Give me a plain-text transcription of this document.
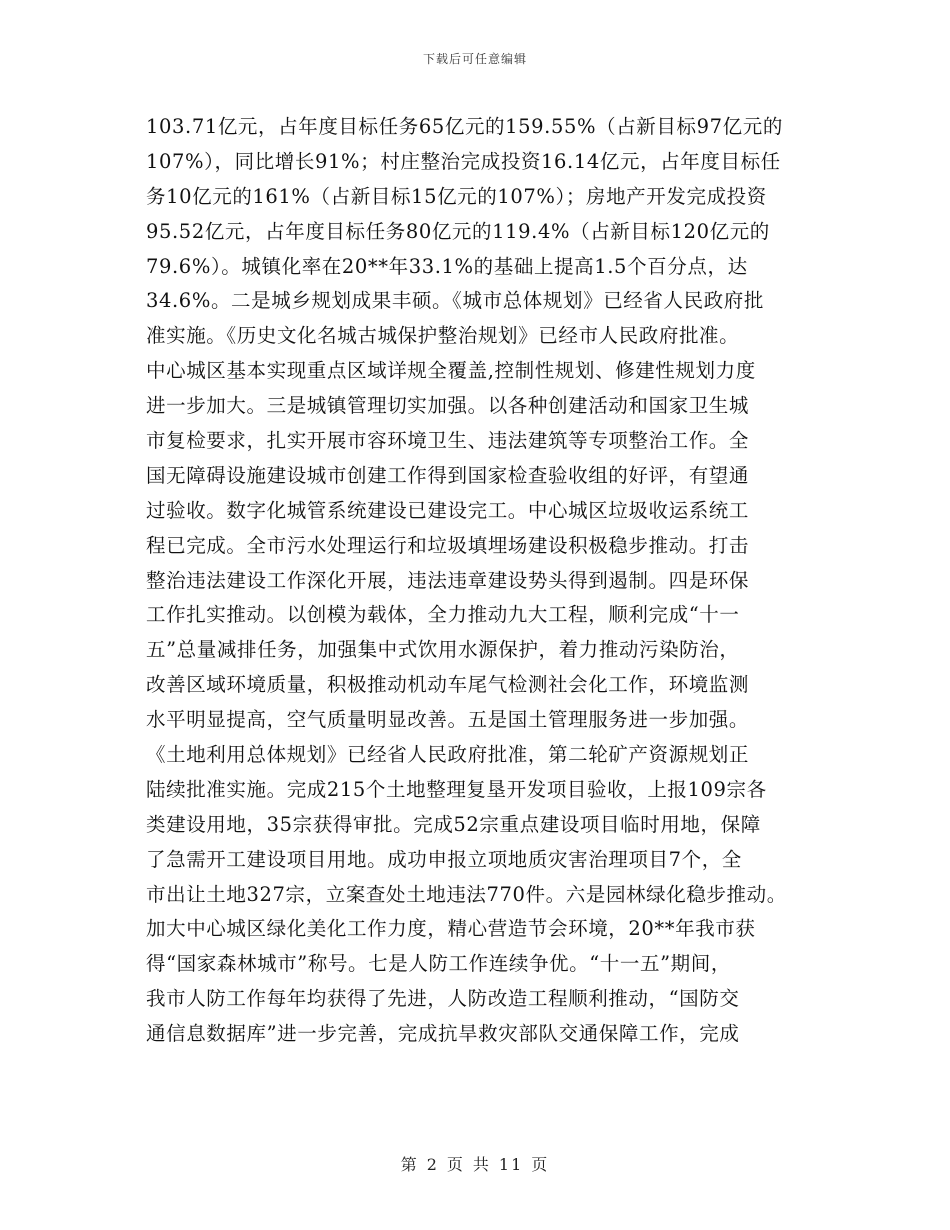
下载后可任意编辑
103.71亿元，占年度目标任务65亿元的159.55%（占新目标97亿元的
107%），同比增长91%；村庄整治完成投资16.14亿元，占年度目标任
务10亿元的161%（占新目标15亿元的107%）；房地产开发完成投资
95.52亿元，占年度目标任务80亿元的119.4%（占新目标120亿元的
79.6%）。城镇化率在20**年33.1%的基础上提高1.5个百分点，达
34.6%。二是城乡规划成果丰硕。《城市总体规划》已经省人民政府批
准实施。《历史文化名城古城保护整治规划》已经市人民政府批准。
中心城区基本实现重点区域详规全覆盖,控制性规划、修建性规划力度
进一步加大。三是城镇管理切实加强。以各种创建活动和国家卫生城
市复检要求，扎实开展市容环境卫生、违法建筑等专项整治工作。全
国无障碍设施建设城市创建工作得到国家检查验收组的好评，有望通
过验收。数字化城管系统建设已建设完工。中心城区垃圾收运系统工
程已完成。全市污水处理运行和垃圾填埋场建设积极稳步推动。打击
整治违法建设工作深化开展，违法违章建设势头得到遏制。四是环保
工作扎实推动。以创模为载体，全力推动九大工程，顺利完成“十一
五”总量减排任务，加强集中式饮用水源保护，着力推动污染防治，
改善区域环境质量，积极推动机动车尾气检测社会化工作，环境监测
水平明显提高，空气质量明显改善。五是国土管理服务进一步加强。
《土地利用总体规划》已经省人民政府批准，第二轮矿产资源规划正
陆续批准实施。完成215个土地整理复垦开发项目验收，上报109宗各
类建设用地，35宗获得审批。完成52宗重点建设项目临时用地，保障
了急需开工建设项目用地。成功申报立项地质灾害治理项目7个，全
市出让土地327宗，立案查处土地违法770件。六是园林绿化稳步推动。
加大中心城区绿化美化工作力度，精心营造节会环境，20**年我市获
得“国家森林城市”称号。七是人防工作连续争优。“十一五”期间，
我市人防工作每年均获得了先进，人防改造工程顺利推动，“国防交
通信息数据库”进一步完善，完成抗旱救灾部队交通保障工作，完成
第 2 页 共 11 页
